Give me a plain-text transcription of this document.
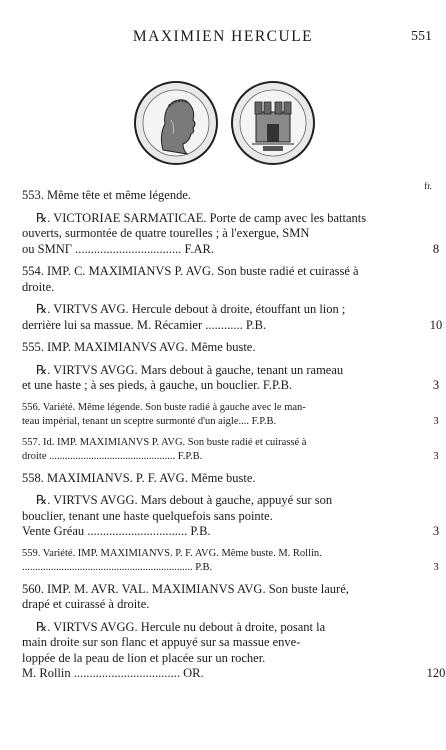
MAXIMIEN HERCULE	551
fr.
553. Même tête et même légende.
℞. VICTORIAE SARMATICAE. Porte de camp avec les battants
ouverts, surmontée de quatre tourelles ; à l'exergue, SMN
ou SMNΓ .................................. F.AR.	8
554. IMP. C. MAXIMIANVS P. AVG. Son buste radié et cuirassé à
droite.
℞. VIRTVS AVG. Hercule debout à droite, étouffant un lion ;
derrière lui sa massue. M. Récamier ............ P.B.	10
555. IMP. MAXIMIANVS AVG. Même buste.
℞. VIRTVS AVGG. Mars debout à gauche, tenant un rameau
et une haste ; à ses pieds, à gauche, un bouclier. F.P.B.	3
556. Variété. Même légende. Son buste radié à gauche avec le man-
teau impérial, tenant un sceptre surmonté d'un aigle.... F.P.B.	3
557. Id. IMP. MAXIMIANVS P. AVG. Son buste radié et cuirassé à
droite ................................................ F.P.B.	3
558. MAXIMIANVS. P. F. AVG. Même buste.
℞. VIRTVS AVGG. Mars debout à gauche, appuyé sur son
bouclier, tenant une haste quelquefois sans pointe.
Vente Gréau ................................ P.B.	3
559. Variété. IMP. MAXIMIANVS. P. F. AVG. Même buste. M. Rollin.
................................................................. P.B.	3
560. IMP. M. AVR. VAL. MAXIMIANVS AVG. Son buste lauré,
drapé et cuirassé à droite.
℞. VIRTVS AVGG. Hercule nu debout à droite, posant la
main droite sur son flanc et appuyé sur sa massue enve-
loppée de la peau de lion et placée sur un rocher.
M. Rollin .................................. OR.	120
